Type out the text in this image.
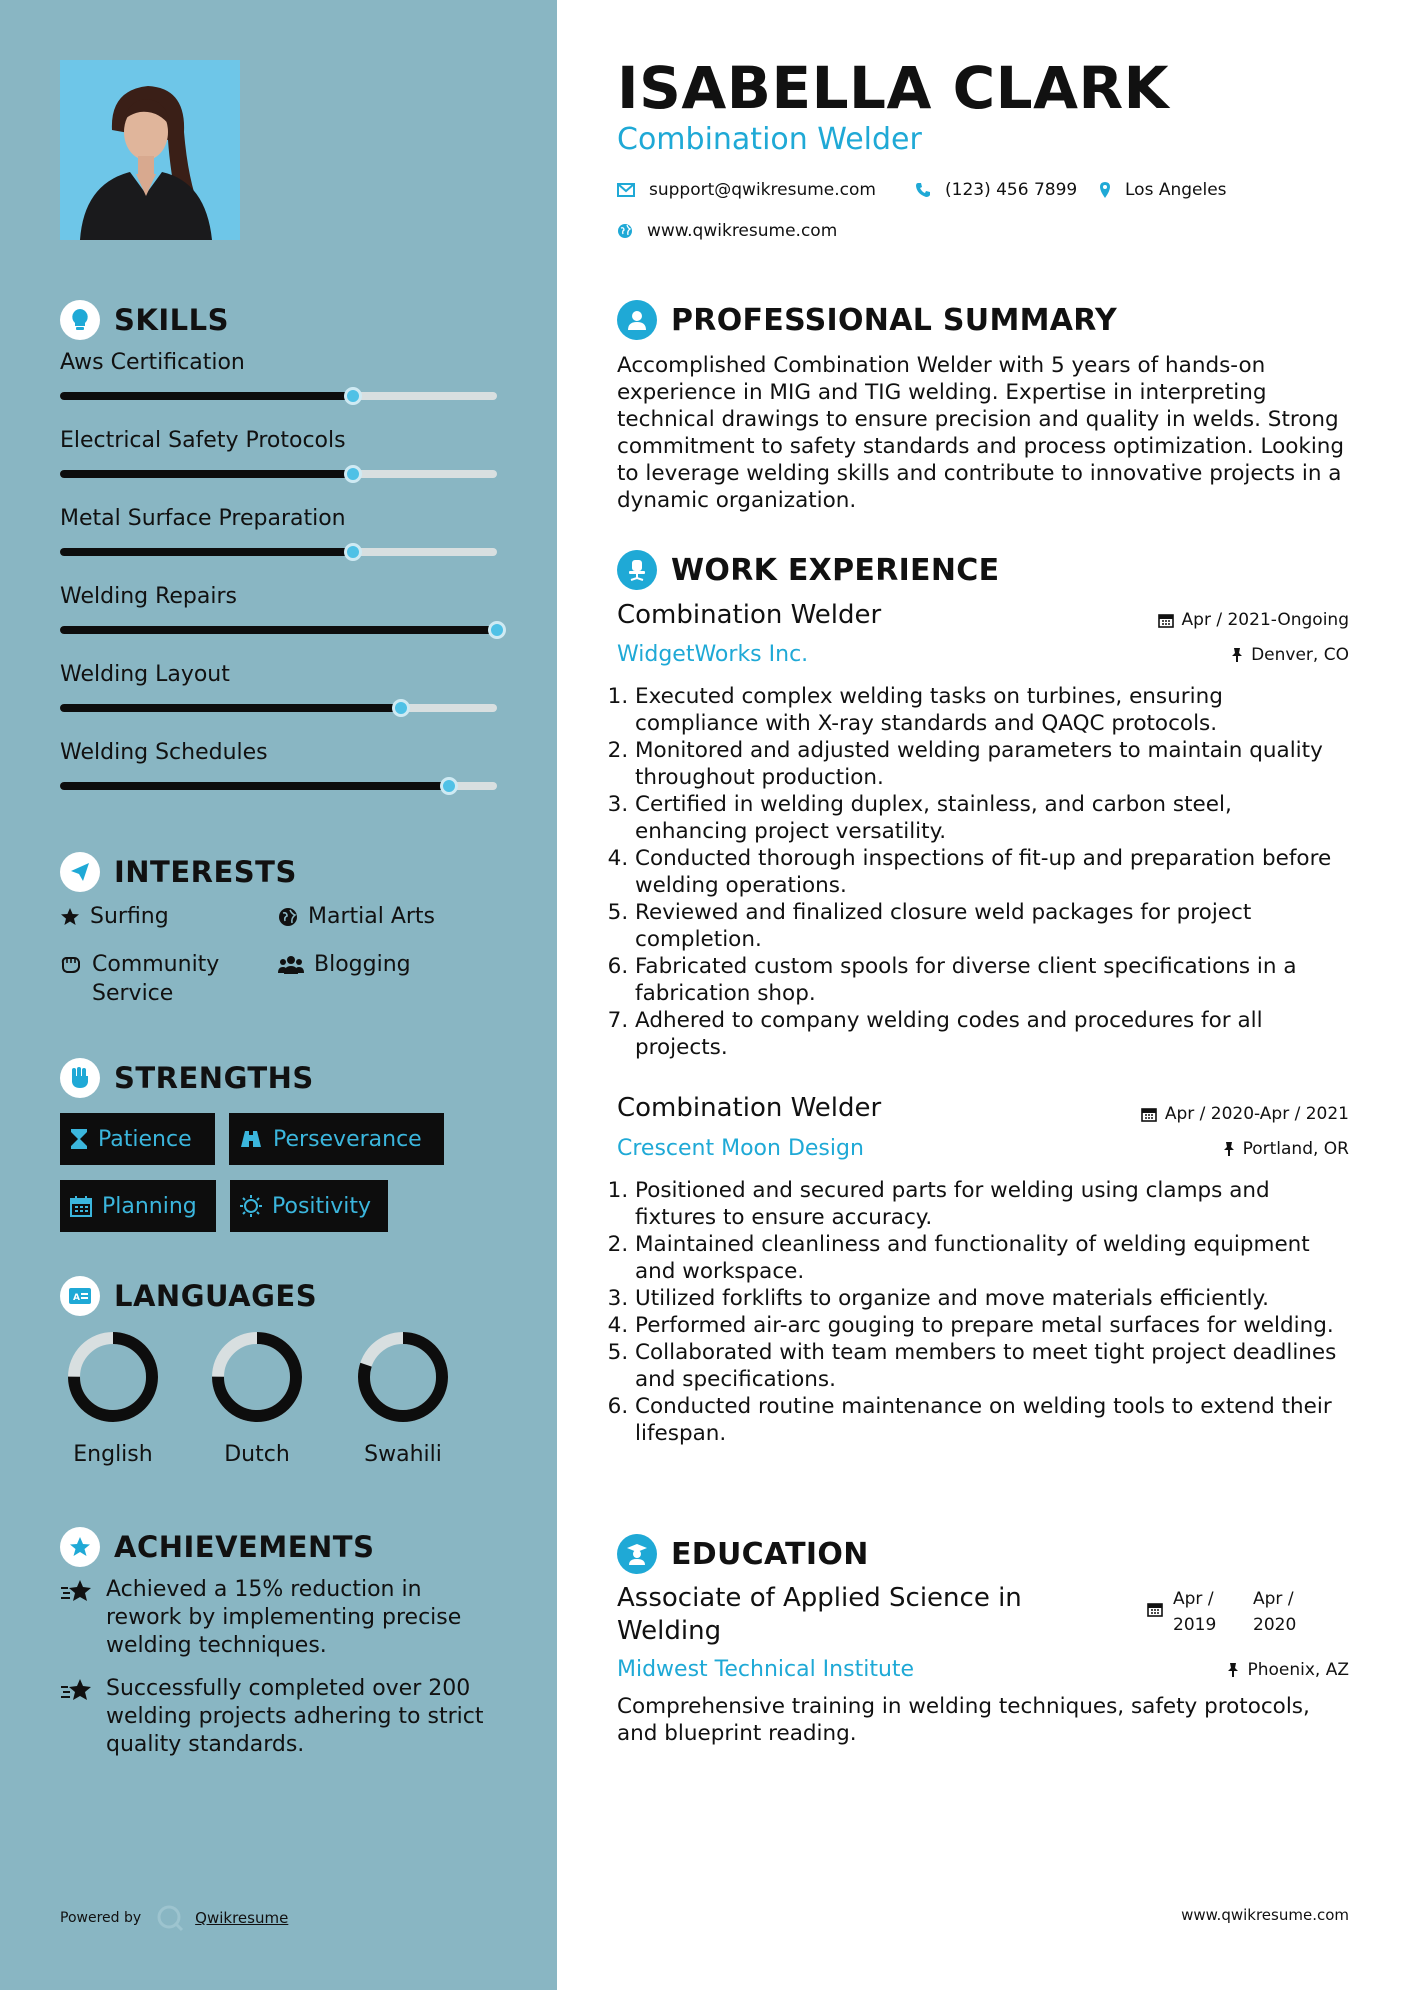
SKILLS
Aws Certification
Electrical Safety Protocols
Metal Surface Preparation
Welding Repairs
Welding Layout
Welding Schedules
INTERESTS
Surfing	Martial Arts
Community Service
Blogging
STRENGTHS
Patience	Perseverance
Planning	Positivity
A LANGUAGES
English	Dutch	Swahili
ACHIEVEMENTS
Achieved a 15% reduction in rework by implementing precise welding techniques.
Successfully completed over 200 welding projects adhering to strict quality standards.
Powered by	Qwikresume
ISABELLA CLARK
Combination Welder
support@qwikresume.com	(123) 456 7899	Los Angeles
www.qwikresume.com
PROFESSIONAL SUMMARY
Accomplished Combination Welder with 5 years of hands-on experience in MIG and TIG welding. Expertise in interpreting technical drawings to ensure precision and quality in welds. Strong commitment to safety standards and process optimization. Looking to leverage welding skills and contribute to innovative projects in a dynamic organization.
WORK EXPERIENCE
Combination Welder	Apr / 2021-Ongoing
WidgetWorks Inc.	Denver, CO
1. Executed complex welding tasks on turbines, ensuring compliance with X-ray standards and QAQC protocols.
2. Monitored and adjusted welding parameters to maintain quality throughout production.
3. Certified in welding duplex, stainless, and carbon steel, enhancing project versatility.
4. Conducted thorough inspections of fit-up and preparation before welding operations.
5. Reviewed and finalized closure weld packages for project completion.
6. Fabricated custom spools for diverse client specifications in a fabrication shop.
7. Adhered to company welding codes and procedures for all projects.
Combination Welder	Apr / 2020-Apr / 2021
Crescent Moon Design	Portland, OR
1. Positioned and secured parts for welding using clamps and fixtures to ensure accuracy.
2. Maintained cleanliness and functionality of welding equipment and workspace.
3. Utilized forklifts to organize and move materials efficiently.
4. Performed air-arc gouging to prepare metal surfaces for welding.
5. Collaborated with team members to meet tight project deadlines and specifications.
6. Conducted routine maintenance on welding tools to extend their lifespan.
EDUCATION
Associate of Applied Science in Welding
Apr /
2019
Apr /
2020
Midwest Technical Institute	Phoenix, AZ
Comprehensive training in welding techniques, safety protocols, and blueprint reading.
www.qwikresume.com
